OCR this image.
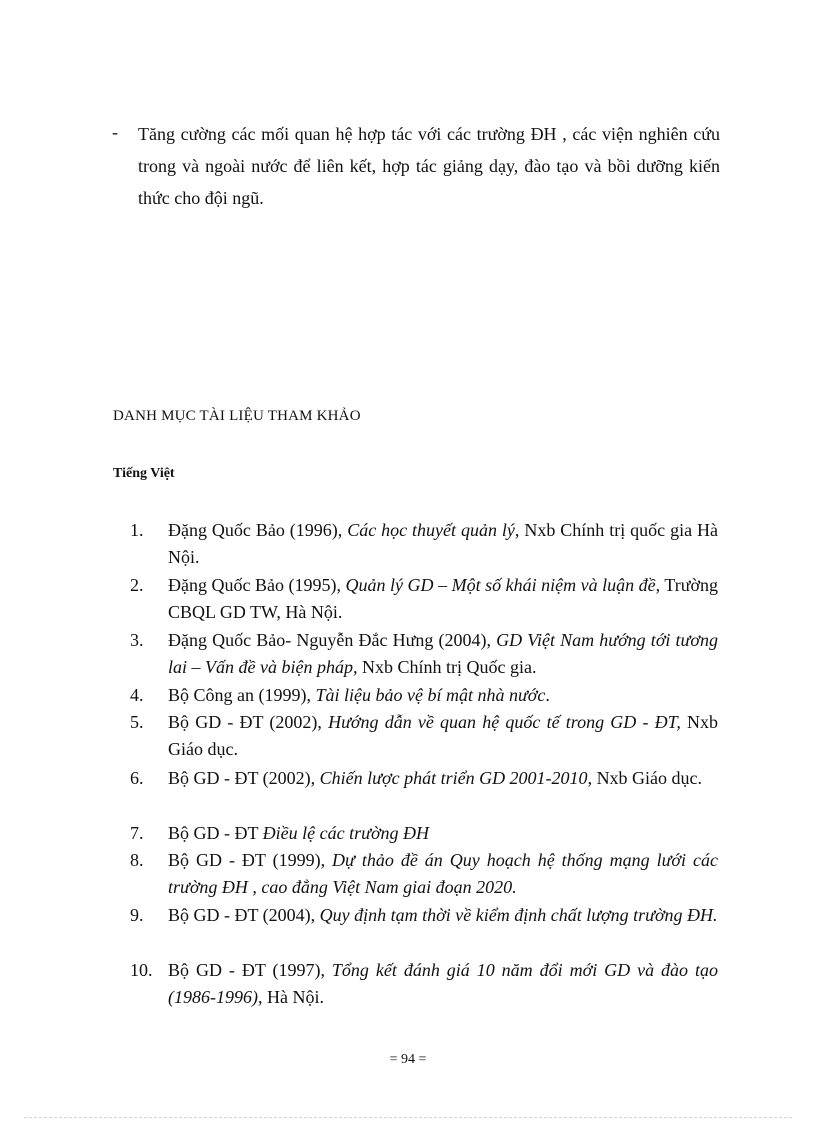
- Tăng cường các mối quan hệ hợp tác với các trường ĐH , các viện nghiên cứu trong và ngoài nước để liên kết, hợp tác giảng dạy, đào tạo và bồi dưỡng kiến thức cho đội ngũ.
DANH MỤC TÀI LIỆU THAM KHẢO
Tiếng Việt
1.	Đặng Quốc Bảo (1996), Các học thuyết quản lý, Nxb Chính trị quốc gia Hà Nội.
2.	Đặng Quốc Bảo (1995), Quản lý GD – Một số khái niệm và luận đề, Trường CBQL GD TW, Hà Nội.
3.	Đặng Quốc Bảo- Nguyễn Đắc Hưng (2004), GD Việt Nam hướng tới tương lai – Vấn đề và biện pháp, Nxb Chính trị Quốc gia.
4.	Bộ Công an (1999), Tài liệu bảo vệ bí mật nhà nước.
5.	Bộ GD - ĐT (2002), Hướng dẫn về quan hệ quốc tế trong GD - ĐT, Nxb Giáo dục.
6.	Bộ GD - ĐT (2002), Chiến lược phát triển GD 2001-2010, Nxb Giáo dục.
7.	Bộ GD - ĐT Điều lệ các trường ĐH
8.	Bộ GD - ĐT (1999), Dự thảo đề án Quy hoạch hệ thống mạng lưới các trường ĐH , cao đẳng Việt Nam giai đoạn 2020.
9.	Bộ GD - ĐT (2004), Quy định tạm thời về kiểm định chất lượng trường ĐH.
10. Bộ GD - ĐT (1997), Tổng kết đánh giá 10 năm đổi mới GD và đào tạo (1986-1996), Hà Nội.
= 94 =
